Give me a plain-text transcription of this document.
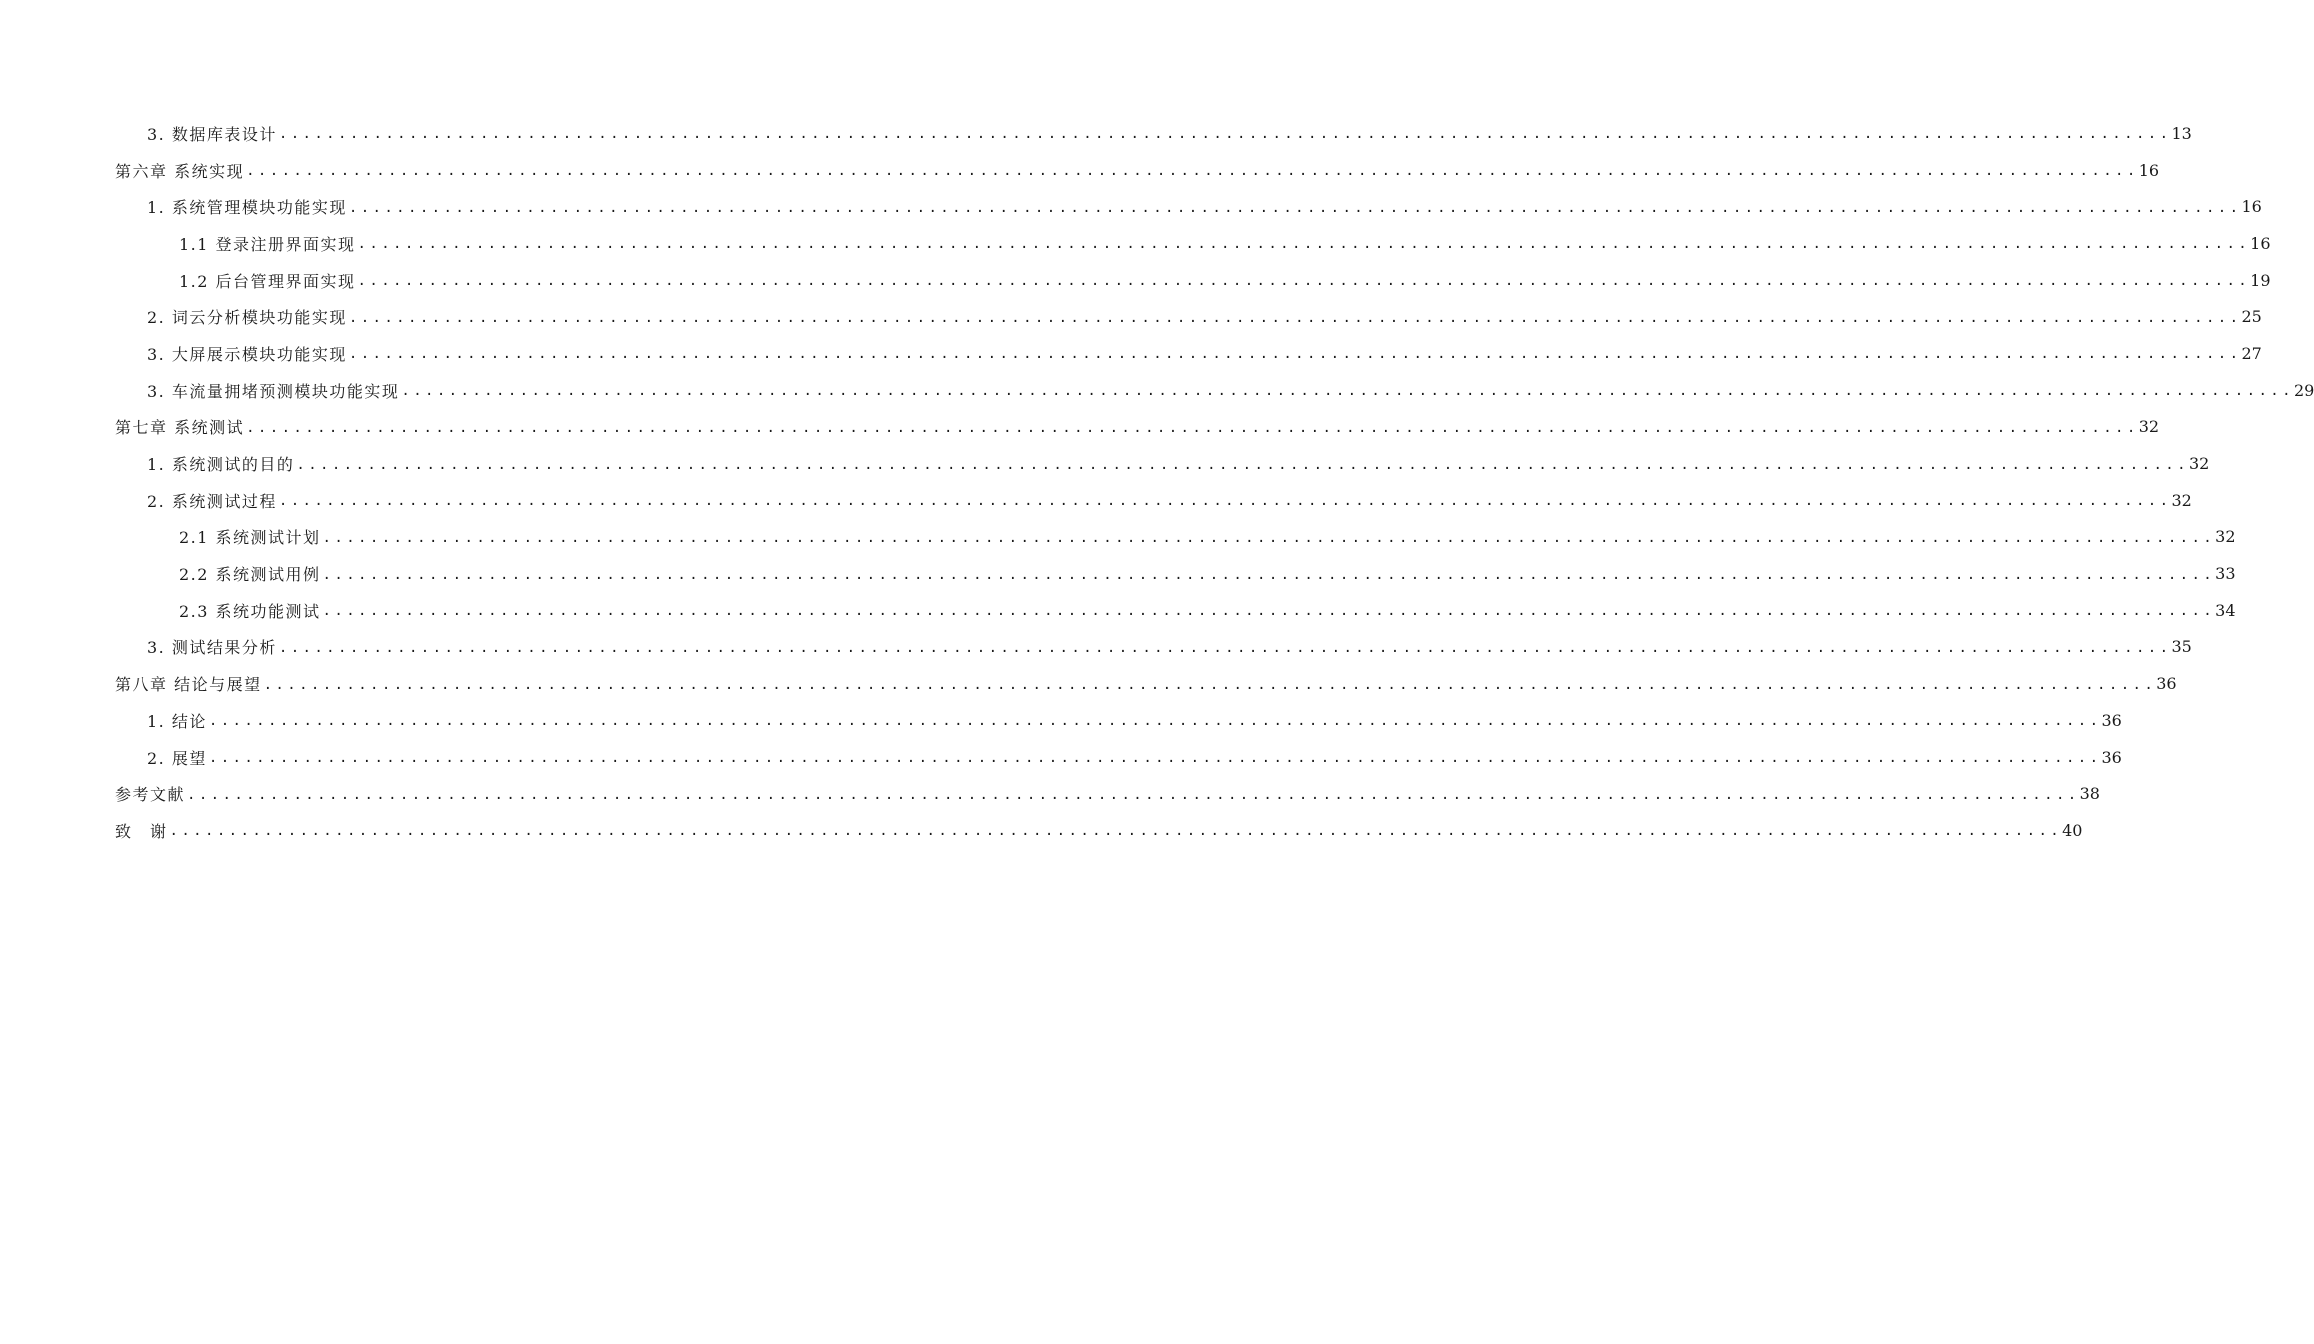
3. 数据库表设计 ................................................................................................................................................................ 13
第六章 系统实现 ................................................................................................................................................................ 16
1. 系统管理模块功能实现 ................................................................................................................................................................ 16
1.1 登录注册界面实现 ................................................................................................................................................................ 16
1.2 后台管理界面实现 ................................................................................................................................................................ 19
2. 词云分析模块功能实现 ................................................................................................................................................................ 25
3. 大屏展示模块功能实现 ................................................................................................................................................................ 27
3. 车流量拥堵预测模块功能实现 ................................................................................................................................................................ 29
第七章 系统测试 ................................................................................................................................................................ 32
1. 系统测试的目的 ................................................................................................................................................................ 32
2. 系统测试过程 ................................................................................................................................................................ 32
2.1 系统测试计划 ................................................................................................................................................................ 32
2.2 系统测试用例 ................................................................................................................................................................ 33
2.3 系统功能测试 ................................................................................................................................................................ 34
3. 测试结果分析 ................................................................................................................................................................ 35
第八章 结论与展望 ................................................................................................................................................................ 36
1. 结论 ................................................................................................................................................................ 36
2. 展望 ................................................................................................................................................................ 36
参考文献 ................................................................................................................................................................ 38
致　谢 ................................................................................................................................................................ 40
